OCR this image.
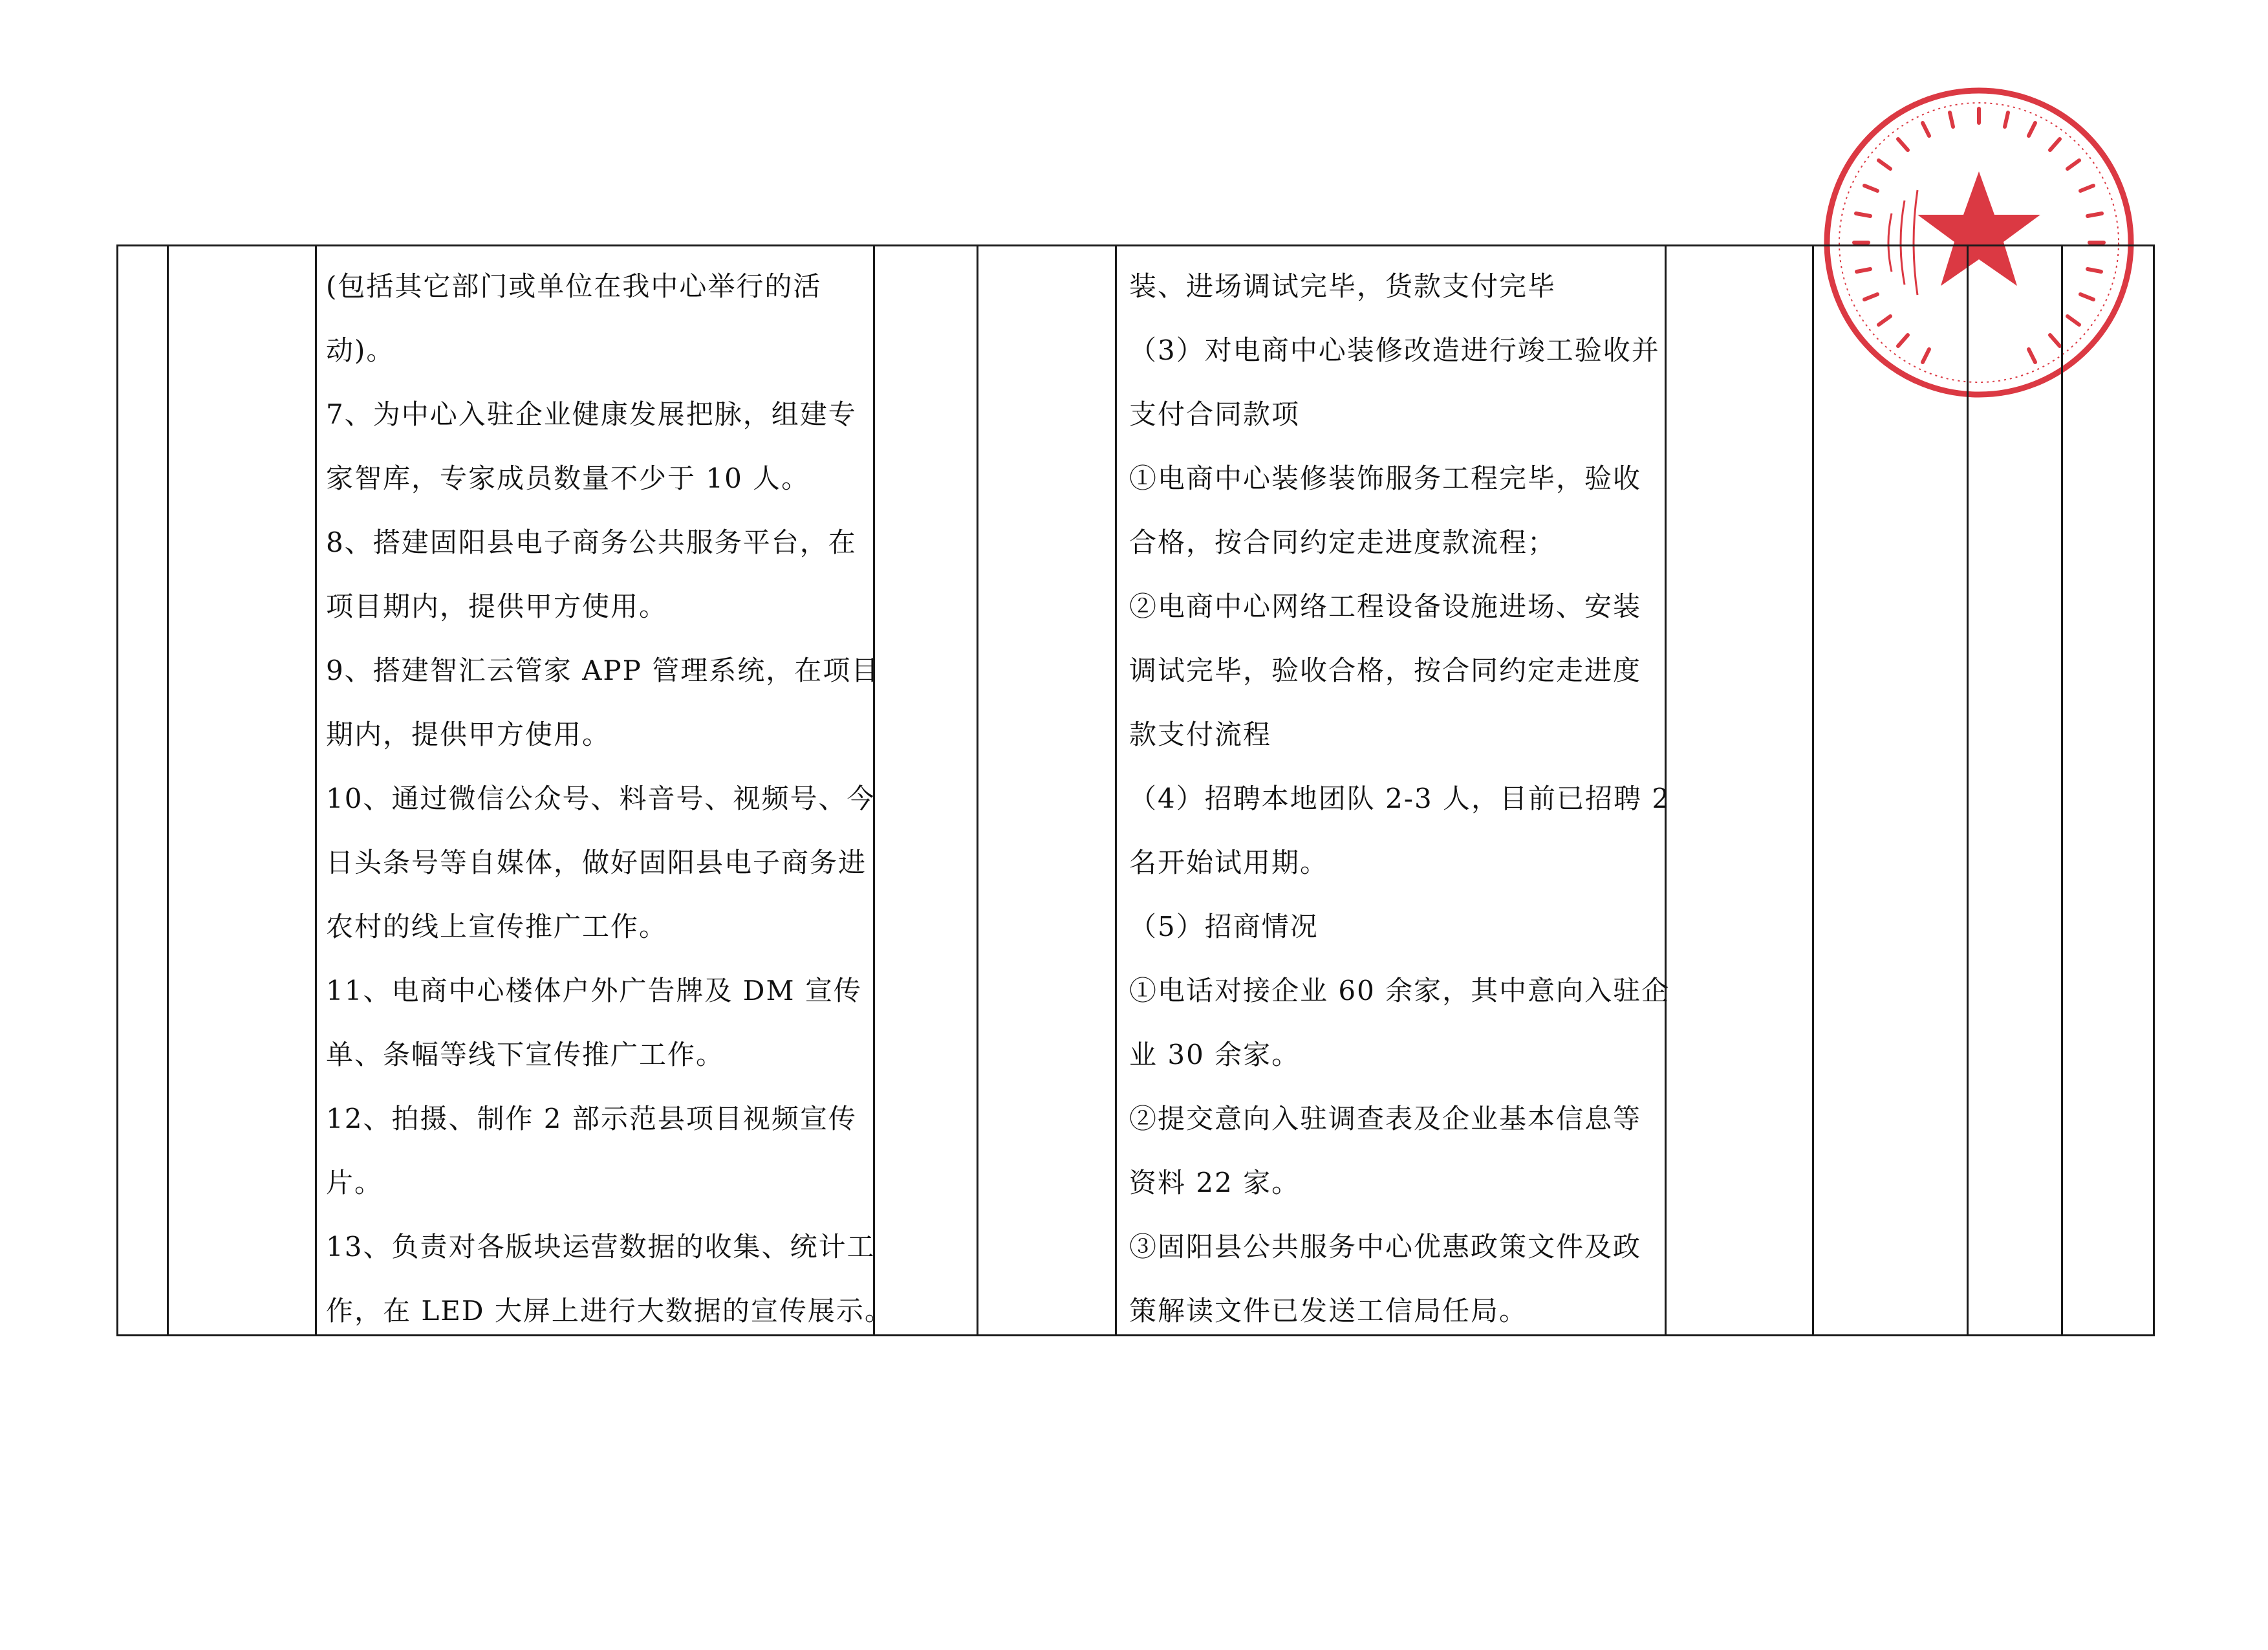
(包括其它部门或单位在我中心举行的活

动)。

7、为中心入驻企业健康发展把脉，组建专

家智库，专家成员数量不少于 10 人。

8、搭建固阳县电子商务公共服务平台，在

项目期内，提供甲方使用。

9、搭建智汇云管家 APP 管理系统，在项目

期内，提供甲方使用。

10、通过微信公众号、料音号、视频号、今

日头条号等自媒体，做好固阳县电子商务进

农村的线上宣传推广工作。

11、电商中心楼体户外广告牌及 DM 宣传

单、条幅等线下宣传推广工作。

12、拍摄、制作 2 部示范县项目视频宣传

片。

13、负责对各版块运营数据的收集、统计工

作，在 LED 大屏上进行大数据的宣传展示。

装、进场调试完毕，货款支付完毕

（3）对电商中心装修改造进行竣工验收并

支付合同款项

①电商中心装修装饰服务工程完毕，验收

合格，按合同约定走进度款流程；

②电商中心网络工程设备设施进场、安装

调试完毕，验收合格，按合同约定走进度

款支付流程

（4）招聘本地团队 2-3 人，目前已招聘 2

名开始试用期。

（5）招商情况

①电话对接企业 60 余家，其中意向入驻企

业 30 余家。

②提交意向入驻调查表及企业基本信息等

资料 22 家。

③固阳县公共服务中心优惠政策文件及政

策解读文件已发送工信局任局。
